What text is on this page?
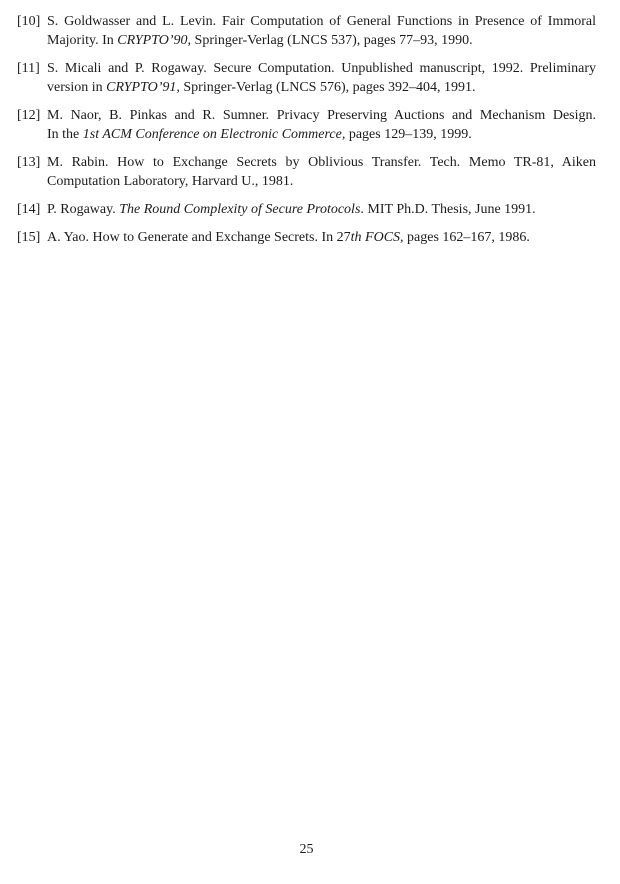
[10] S. Goldwasser and L. Levin. Fair Computation of General Functions in Presence of Immoral
Majority. In CRYPTO’90, Springer-Verlag (LNCS 537), pages 77–93, 1990.
[11] S. Micali and P. Rogaway. Secure Computation. Unpublished manuscript, 1992. Preliminary
version in CRYPTO’91, Springer-Verlag (LNCS 576), pages 392–404, 1991.
[12] M. Naor, B. Pinkas and R. Sumner. Privacy Preserving Auctions and Mechanism Design.
In the 1st ACM Conference on Electronic Commerce, pages 129–139, 1999.
[13] M. Rabin. How to Exchange Secrets by Oblivious Transfer. Tech. Memo TR-81, Aiken
Computation Laboratory, Harvard U., 1981.
[14] P. Rogaway. The Round Complexity of Secure Protocols. MIT Ph.D. Thesis, June 1991.
[15] A. Yao. How to Generate and Exchange Secrets. In 27th FOCS, pages 162–167, 1986.
25
